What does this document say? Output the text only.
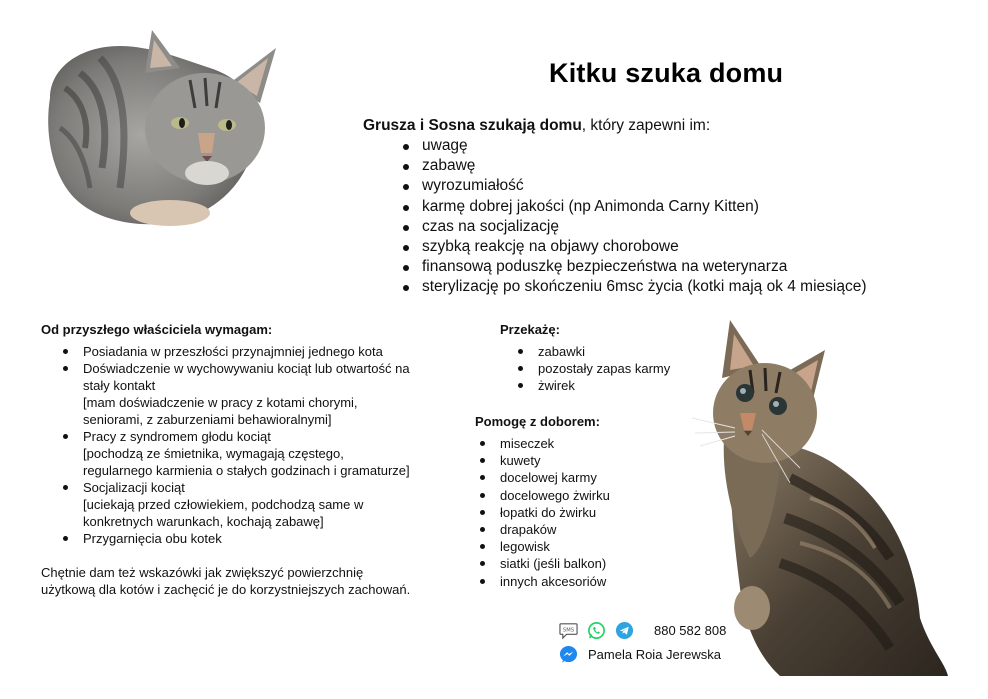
Kitku szuka domu
Grusza i Sosna szukają domu, który zapewni im:
uwagę
zabawę
wyrozumiałość
karmę dobrej jakości (np Animonda Carny Kitten)
czas na socjalizację
szybką reakcję na objawy chorobowe
finansową poduszkę bezpieczeństwa na weterynarza
sterylizację po skończeniu 6msc życia (kotki mają ok 4 miesiące)
Od przyszłego właściciela wymagam:
Posiadania w przeszłości przynajmniej jednego kota
Doświadczenie w wychowywaniu kociąt lub otwartość na stały kontakt
[mam doświadczenie w pracy z kotami chorymi, seniorami, z zaburzeniami behawioralnymi]
Pracy z syndromem głodu kociąt
[pochodzą ze śmietnika, wymagają częstego, regularnego karmienia o stałych godzinach i gramaturze]
Socjalizacji kociąt
[uciekają przed człowiekiem, podchodzą same w konkretnych warunkach, kochają zabawę]
Przygarnięcia obu kotek
Chętnie dam też wskazówki jak zwiększyć powierzchnię użytkową dla kotów i zachęcić je do korzystniejszych zachowań.
Przekażę:
zabawki
pozostały zapas karmy
żwirek
Pomogę z doborem:
miseczek
kuwety
docelowej karmy
docelowego żwirku
łopatki do żwirku
drapaków
legowisk
siatki (jeśli balkon)
innych akcesoriów
SMS	880 582 808
Pamela Roia Jerewska
